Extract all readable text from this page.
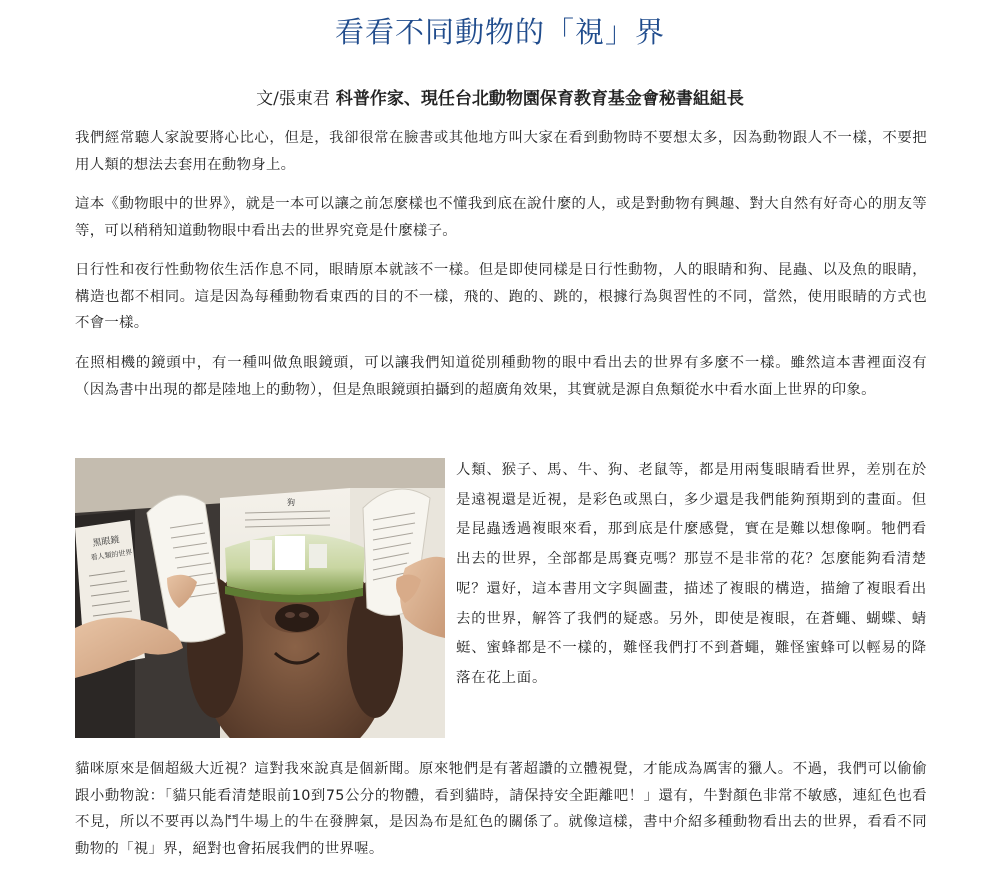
看看不同動物的「視」界

文/張東君 科普作家、現任台北動物園保育教育基金會秘書組組長

我們經常聽人家說要將心比心，但是，我卻很常在臉書或其他地方叫大家在看到動物時不要想太多，因為動物跟人不一樣，不要把用人類的想法去套用在動物身上。

這本《動物眼中的世界》，就是一本可以讓之前怎麼樣也不懂我到底在說什麼的人，或是對動物有興趣、對大自然有好奇心的朋友等等，可以稍稍知道動物眼中看出去的世界究竟是什麼樣子。

日行性和夜行性動物依生活作息不同，眼睛原本就該不一樣。但是即使同樣是日行性動物，人的眼睛和狗、昆蟲、以及魚的眼睛，構造也都不相同。這是因為每種動物看東西的目的不一樣，飛的、跑的、跳的，根據行為與習性的不同，當然，使用眼睛的方式也不會一樣。

在照相機的鏡頭中，有一種叫做魚眼鏡頭，可以讓我們知道從別種動物的眼中看出去的世界有多麼不一樣。雖然這本書裡面沒有（因為書中出現的都是陸地上的動物），但是魚眼鏡頭拍攝到的超廣角效果，其實就是源自魚類從水中看水面上世界的印象。

黑眼鏡
看人類的世界
狗

人類、猴子、馬、牛、狗、老鼠等，都是用兩隻眼睛看世界，差別在於是遠視還是近視，是彩色或黑白，多少還是我們能夠預期到的畫面。但是昆蟲透過複眼來看，那到底是什麼感覺，實在是難以想像啊。牠們看出去的世界，全部都是馬賽克嗎？那豈不是非常的花？怎麼能夠看清楚呢？還好，這本書用文字與圖畫，描述了複眼的構造，描繪了複眼看出去的世界，解答了我們的疑惑。另外，即使是複眼，在蒼蠅、蝴蝶、蜻蜓、蜜蜂都是不一樣的，難怪我們打不到蒼蠅，難怪蜜蜂可以輕易的降落在花上面。

貓咪原來是個超級大近視？這對我來說真是個新聞。原來牠們是有著超讚的立體視覺，才能成為厲害的獵人。不過，我們可以偷偷跟小動物說：「貓只能看清楚眼前10到75公分的物體，看到貓時，請保持安全距離吧！」還有，牛對顏色非常不敏感，連紅色也看不見，所以不要再以為鬥牛場上的牛在發脾氣，是因為布是紅色的關係了。就像這樣，書中介紹多種動物看出去的世界，看看不同動物的「視」界，絕對也會拓展我們的世界喔。
